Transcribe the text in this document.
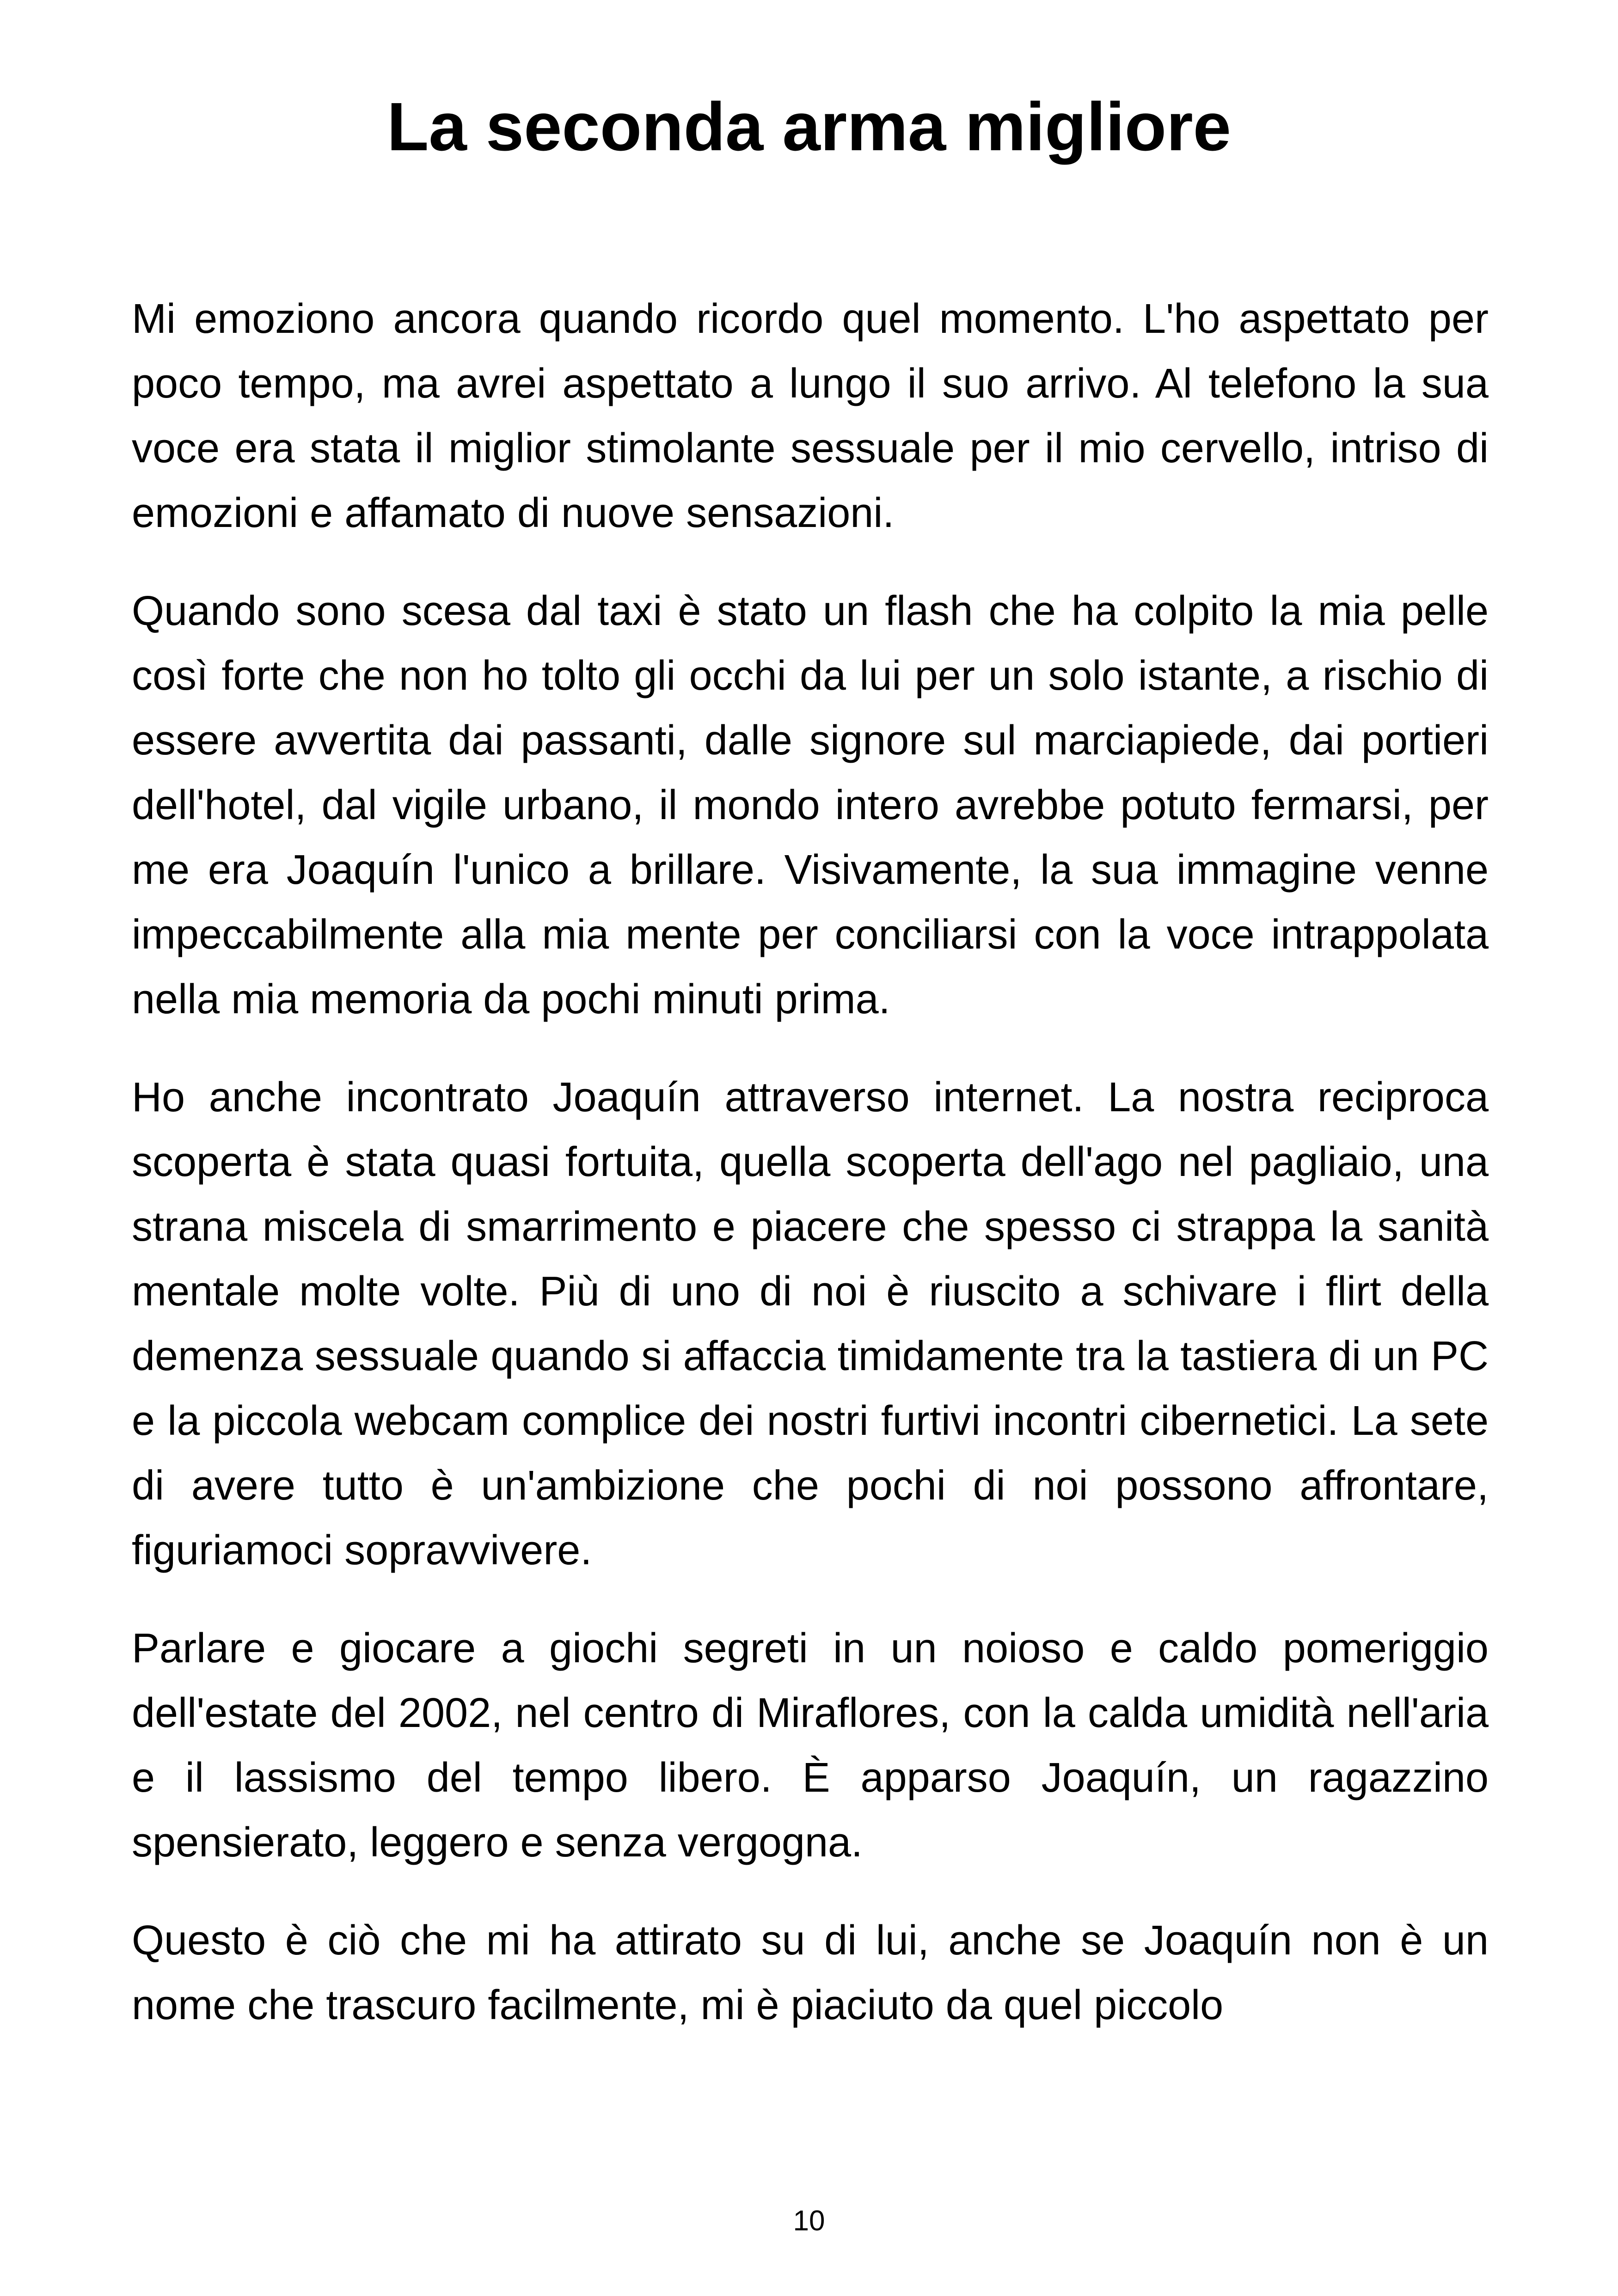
La seconda arma migliore

Mi emoziono ancora quando ricordo quel momento. L'ho aspettato per poco tempo, ma avrei aspettato a lungo il suo arrivo. Al telefono la sua voce era stata il miglior stimolante sessuale per il mio cervello, intriso di emozioni e affamato di nuove sensazioni.

Quando sono scesa dal taxi è stato un flash che ha colpito la mia pelle così forte che non ho tolto gli occhi da lui per un solo istante, a rischio di essere avvertita dai passanti, dalle signore sul marciapiede, dai portieri dell'hotel, dal vigile urbano, il mondo intero avrebbe potuto fermarsi, per me era Joaquín l'unico a brillare. Visivamente, la sua immagine venne impeccabilmente alla mia mente per conciliarsi con la voce intrappolata nella mia memoria da pochi minuti prima.

Ho anche incontrato Joaquín attraverso internet. La nostra reciproca scoperta è stata quasi fortuita, quella scoperta dell'ago nel pagliaio, una strana miscela di smarrimento e piacere che spesso ci strappa la sanità mentale molte volte. Più di uno di noi è riuscito a schivare i flirt della demenza sessuale quando si affaccia timidamente tra la tastiera di un PC e la piccola webcam complice dei nostri furtivi incontri cibernetici. La sete di avere tutto è un'ambizione che pochi di noi possono affrontare, figuriamoci sopravvivere.

Parlare e giocare a giochi segreti in un noioso e caldo pomeriggio dell'estate del 2002, nel centro di Miraflores, con la calda umidità nell'aria e il lassismo del tempo libero. È apparso Joaquín, un ragazzino spensierato, leggero e senza vergogna.

Questo è ciò che mi ha attirato su di lui, anche se Joaquín non è un nome che trascuro facilmente, mi è piaciuto da quel piccolo

10
